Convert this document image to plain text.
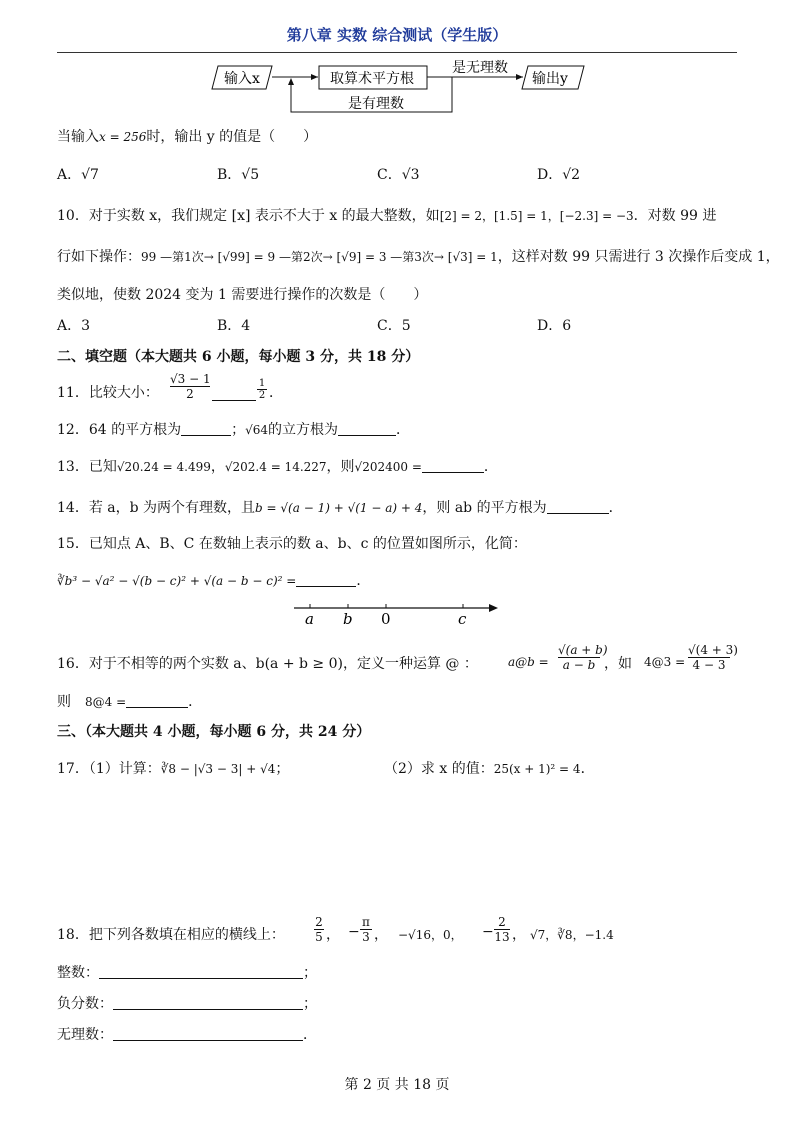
第八章 实数 综合测试（学生版）
输入x	取算术平方根
是无理数
输出y
是有理数
当输入x = 256时，输出 y 的值是（　　）
A．√7	B．√5	C．√3	D．√2
10．对于实数 x，我们规定 [x] 表示不大于 x 的最大整数，如[2] = 2，[1.5] = 1，[−2.3] = −3．对数 99 进
行如下操作：99 —第1次→ [√99] = 9 —第2次→ [√9] = 3 —第3次→ [√3] = 1，这样对数 99 只需进行 3 次操作后变成 1，
类似地，使数 2024 变为 1 需要进行操作的次数是（　　）
A．3	B．4	C．5	D．6
二、填空题（本大题共 6 小题，每小题 3 分，共 18 分）
11．比较大小： $\frac{√3 - 1}{2}$	1
2 ．
12．64 的平方根为	；√64的立方根为	．
13．已知√20.24 = 4.499，√202.4 = 14.227，则√202400 =	．
14．若 a，b 为两个有理数，且b = √(a − 1) + √(1 − a) + 4，则 ab 的平方根为	．
15．已知点 A、B、C 在数轴上表示的数 a、b、c 的位置如图所示，化简：
∛b³ − √a² − √(b − c)² + √(a − b − c)² =	．
a b 0	c
16．对于不相等的两个实数 a、b(a + b ≥ 0)，定义一种运算 @ ：	a@b =
√(a + b)
a − b ，如 4@3 =
√(4 + 3)
4 − 3
则　 8@4 =	．
三、（本大题共 4 小题，每小题 6 分，共 24 分）
17．（1）计算：∛8 − |√3 − 3| + √4；	（2）求 x 的值：25(x + 1)² = 4．
18．把下列各数填在相应的横线上：
2
5 ， −
π
3 ， −√16，0， −
2
13 ， √7，∛8，−1.4
整数：	；
负分数：	；
无理数：	．
第 2 页 共 18 页
